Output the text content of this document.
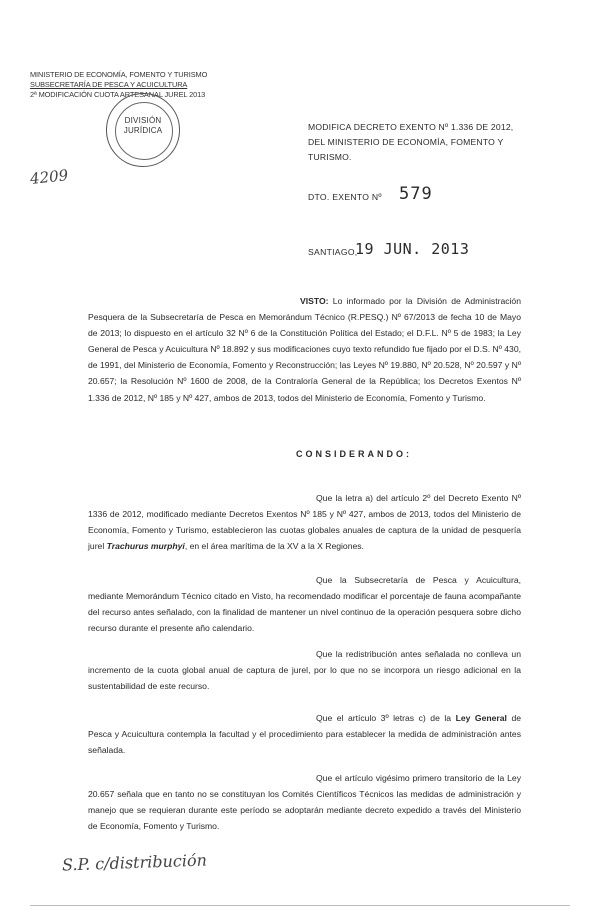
MINISTERIO DE ECONOMÍA, FOMENTO Y TURISMO
SUBSECRETARÍA DE PESCA Y ACUICULTURA
2ª MODIFICACIÓN CUOTA ARTESANAL JUREL 2013
DIVISIÓN
JURÍDICA
4209
MODIFICA DECRETO EXENTO Nº 1.336 DE 2012, DEL MINISTERIO DE ECONOMÍA, FOMENTO Y TURISMO.
DTO. EXENTO Nº 579
SANTIAGO,
19 JUN. 2013
VISTO: Lo informado por la División de Administración Pesquera de la Subsecretaría de Pesca en Memorándum Técnico (R.PESQ.) Nº 67/2013 de fecha 10 de Mayo de 2013; lo dispuesto en el artículo 32 Nº 6 de la Constitución Política del Estado; el D.F.L. Nº 5 de 1983; la Ley General de Pesca y Acuicultura Nº 18.892 y sus modificaciones cuyo texto refundido fue fijado por el D.S. Nº 430, de 1991, del Ministerio de Economía, Fomento y Reconstrucción; las Leyes Nº 19.880, Nº 20.528, Nº 20.597 y Nº 20.657; la Resolución Nº 1600 de 2008, de la Contraloría General de la República; los Decretos Exentos Nº 1.336 de 2012, Nº 185 y Nº 427, ambos de 2013, todos del Ministerio de Economía, Fomento y Turismo.
CONSIDERANDO:
Que la letra a) del artículo 2º del Decreto Exento Nº 1336 de 2012, modificado mediante Decretos Exentos Nº 185 y Nº 427, ambos de 2013, todos del Ministerio de Economía, Fomento y Turismo, establecieron las cuotas globales anuales de captura de la unidad de pesquería jurel Trachurus murphyi, en el área marítima de la XV a la X Regiones.
Que la Subsecretaría de Pesca y Acuicultura, mediante Memorándum Técnico citado en Visto, ha recomendado modificar el porcentaje de fauna acompañante del recurso antes señalado, con la finalidad de mantener un nivel continuo de la operación pesquera sobre dicho recurso durante el presente año calendario.
Que la redistribución antes señalada no conlleva un incremento de la cuota global anual de captura de jurel, por lo que no se incorpora un riesgo adicional en la sustentabilidad de este recurso.
Que el artículo 3º letras c) de la Ley General de Pesca y Acuicultura contempla la facultad y el procedimiento para establecer la medida de administración antes señalada.
Que el artículo vigésimo primero transitorio de la Ley 20.657 señala que en tanto no se constituyan los Comités Científicos Técnicos las medidas de administración y manejo que se requieran durante este período se adoptarán mediante decreto expedido a través del Ministerio de Economía, Fomento y Turismo.
S.P. c/distribución
